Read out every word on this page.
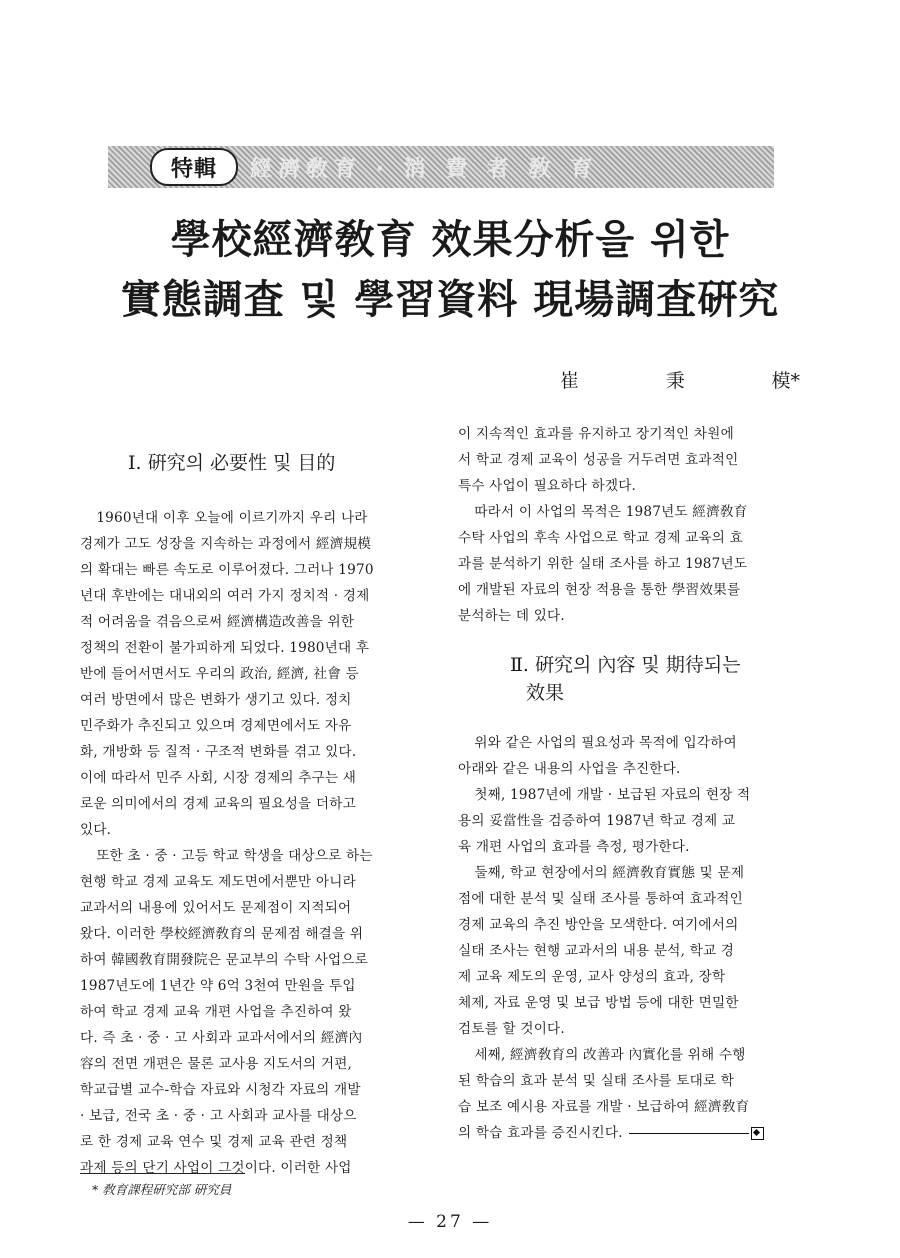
特輯	經濟敎育 · 消 費 者 敎 育
學校經濟敎育 效果分析을 위한
實態調査 및 學習資料 現場調査硏究
崔	秉	模*
Ⅰ. 硏究의 必要性 및 目的

1960년대 이후 오늘에 이르기까지 우리 나라

경제가 고도 성장을 지속하는 과정에서 經濟規模

의 확대는 빠른 속도로 이루어졌다. 그러나 1970

년대 후반에는 대내외의 여러 가지 정치적 · 경제

적 어려움을 겪음으로써 經濟構造改善을 위한

정책의 전환이 불가피하게 되었다. 1980년대 후

반에 들어서면서도 우리의 政治, 經濟, 社會 등

여러 방면에서 많은 변화가 생기고 있다. 정치

민주화가 추진되고 있으며 경제면에서도 자유

화, 개방화 등 질적 · 구조적 변화를 겪고 있다.

이에 따라서 민주 사회, 시장 경제의 추구는 새

로운 의미에서의 경제 교육의 필요성을 더하고

있다.

또한 초 · 중 · 고등 학교 학생을 대상으로 하는

현행 학교 경제 교육도 제도면에서뿐만 아니라

교과서의 내용에 있어서도 문제점이 지적되어

왔다. 이러한 學校經濟敎育의 문제점 해결을 위

하여 韓國敎育開發院은 문교부의 수탁 사업으로

1987년도에 1년간 약 6억 3천여 만원을 투입

하여 학교 경제 교육 개편 사업을 추진하여 왔

다. 즉 초 · 중 · 고 사회과 교과서에서의 經濟內

容의 전면 개편은 물론 교사용 지도서의 거편,

학교급별 교수-학습 자료와 시청각 자료의 개발

· 보급, 전국 초 · 중 · 고 사회과 교사를 대상으

로 한 경제 교육 연수 및 경제 교육 관련 정책

과제 등의 단기 사업이 그것이다. 이러한 사업

이 지속적인 효과를 유지하고 장기적인 차원에

서 학교 경제 교육이 성공을 거두려면 효과적인

특수 사업이 필요하다 하겠다.

따라서 이 사업의 목적은 1987년도 經濟敎育

수탁 사업의 후속 사업으로 학교 경제 교육의 효

과를 분석하기 위한 실태 조사를 하고 1987년도

에 개발된 자료의 현장 적용을 통한 學習效果를

분석하는 데 있다.

Ⅱ. 硏究의 內容 및 期待되는
效果

위와 같은 사업의 필요성과 목적에 입각하여

아래와 같은 내용의 사업을 추진한다.

첫째, 1987년에 개발 · 보급된 자료의 현장 적

용의 妥當性을 검증하여 1987년 학교 경제 교

육 개편 사업의 효과를 측정, 평가한다.

둘째, 학교 현장에서의 經濟敎育實態 및 문제

점에 대한 분석 및 실태 조사를 통하여 효과적인

경제 교육의 추진 방안을 모색한다. 여기에서의

실태 조사는 현행 교과서의 내용 분석, 학교 경

제 교육 제도의 운영, 교사 양성의 효과, 장학

체제, 자료 운영 및 보급 방법 등에 대한 면밀한

검토를 할 것이다.

세째, 經濟敎育의 改善과 內實化를 위해 수행

된 학습의 효과 분석 및 실태 조사를 토대로 학

습 보조 예시용 자료를 개발 · 보급하여 經濟敎育

의 학습 효과를 증진시킨다.

* 敎育課程硏究部 硏究員
— 27 —
